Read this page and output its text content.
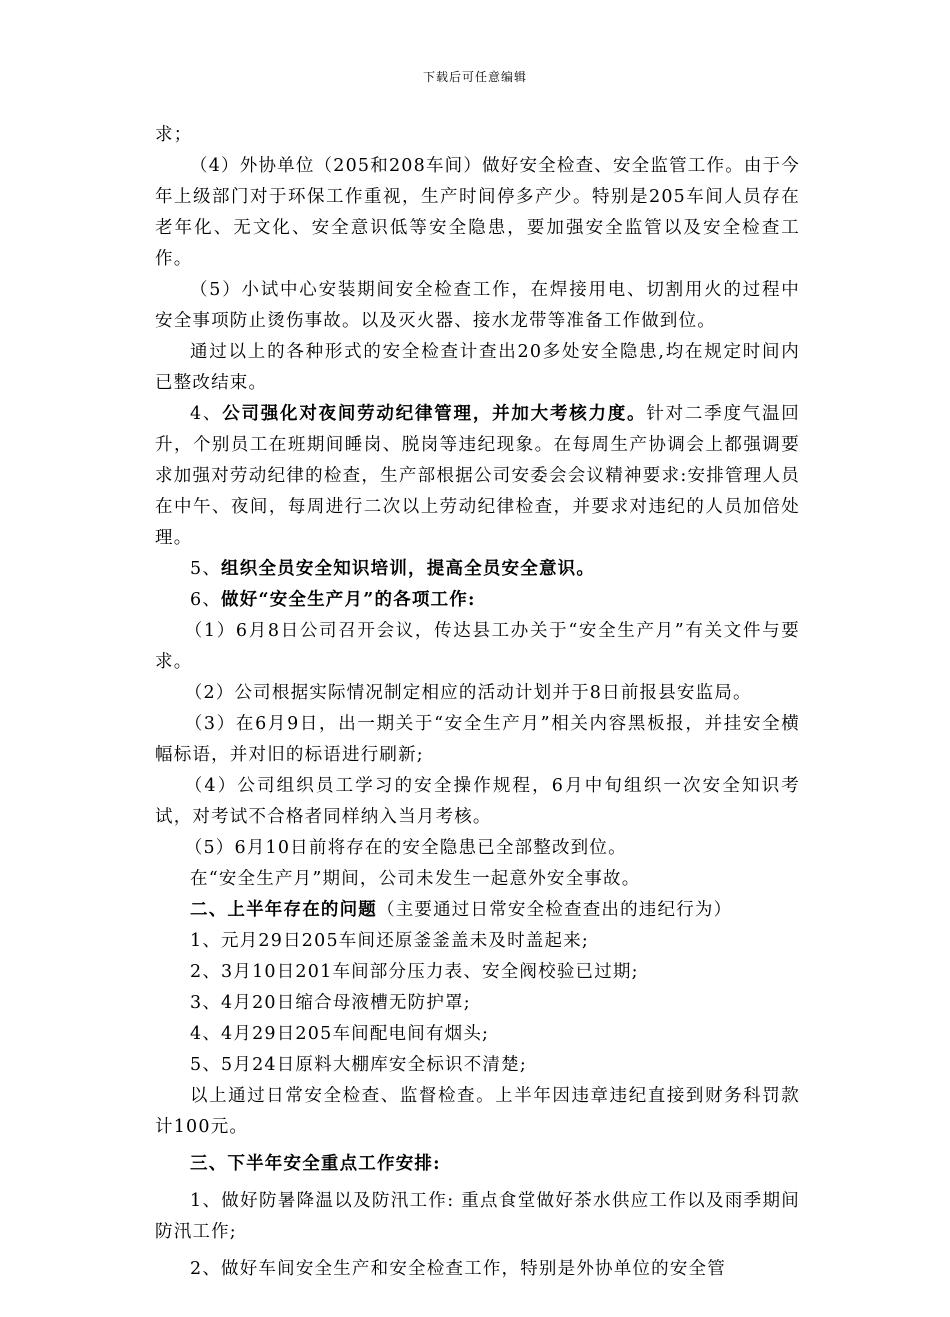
下载后可任意编辑

求；

（4）外协单位（205和208车间）做好安全检查、安全监管工作。由于今年上级部门对于环保工作重视，生产时间停多产少。特别是205车间人员存在老年化、无文化、安全意识低等安全隐患，要加强安全监管以及安全检查工作。

（5）小试中心安装期间安全检查工作，在焊接用电、切割用火的过程中安全事项防止烫伤事故。以及灭火器、接水龙带等准备工作做到位。

通过以上的各种形式的安全检查计查出20多处安全隐患,均在规定时间内已整改结束。

4、公司强化对夜间劳动纪律管理，并加大考核力度。针对二季度气温回升，个别员工在班期间睡岗、脱岗等违纪现象。在每周生产协调会上都强调要求加强对劳动纪律的检查，生产部根据公司安委会会议精神要求:安排管理人员在中午、夜间，每周进行二次以上劳动纪律检查，并要求对违纪的人员加倍处理。

5、组织全员安全知识培训，提高全员安全意识。

6、做好“安全生产月”的各项工作:

（1）6月8日公司召开会议，传达县工办关于“安全生产月”有关文件与要求。

（2）公司根据实际情况制定相应的活动计划并于8日前报县安监局。

（3）在6月9日，出一期关于“安全生产月”相关内容黑板报，并挂安全横幅标语，并对旧的标语进行刷新;

（4）公司组织员工学习的安全操作规程，6月中旬组织一次安全知识考试，对考试不合格者同样纳入当月考核。

（5）6月10日前将存在的安全隐患已全部整改到位。

在“安全生产月”期间，公司未发生一起意外安全事故。

二、上半年存在的问题（主要通过日常安全检查查出的违纪行为）

1、元月29日205车间还原釜釜盖未及时盖起来;

2、3月10日201车间部分压力表、安全阀校验已过期;

3、4月20日缩合母液槽无防护罩;

4、4月29日205车间配电间有烟头;

5、5月24日原料大棚库安全标识不清楚;

以上通过日常安全检查、监督检查。上半年因违章违纪直接到财务科罚款计100元。

三、下半年安全重点工作安排:

1、做好防暑降温以及防汛工作: 重点食堂做好茶水供应工作以及雨季期间防汛工作;

2、做好车间安全生产和安全检查工作，特别是外协单位的安全管
